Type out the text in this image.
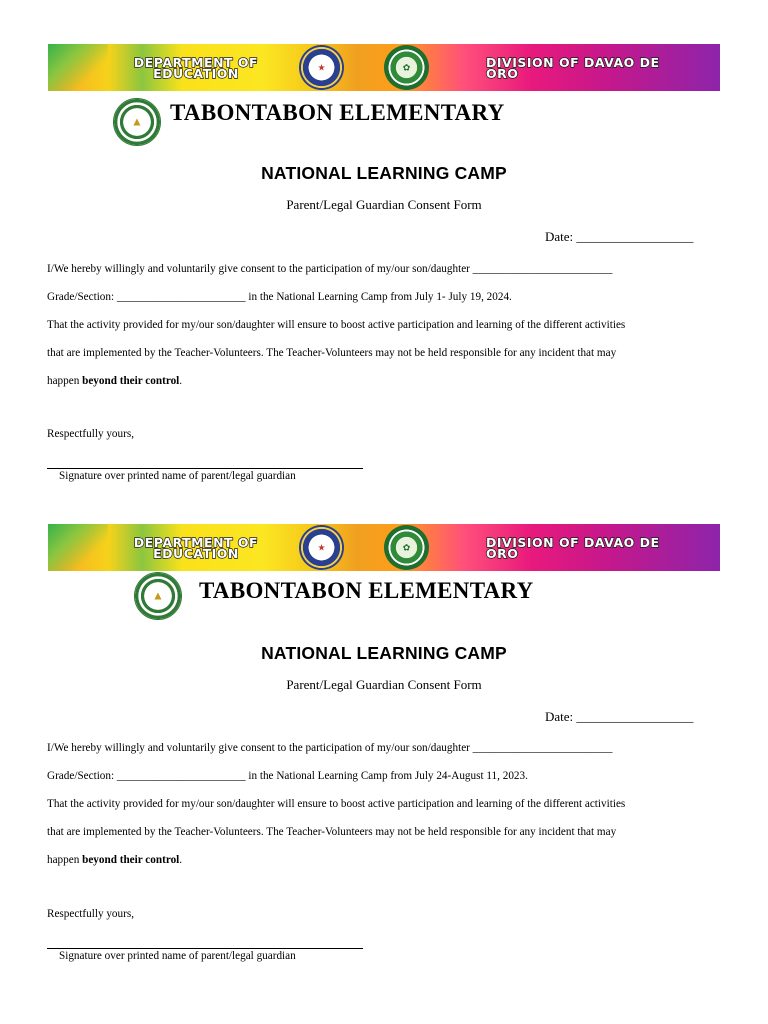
DEPARTMENT OF EDUCATION	★	✿	DIVISION OF DAVAO DE ORO
▲ TABONTABON ELEMENTARY
NATIONAL LEARNING CAMP
Parent/Legal Guardian Consent Form
Date: __________________
I/We hereby willingly and voluntarily give consent to the participation of my/our son/daughter _________________________
Grade/Section: _______________________ in the National Learning Camp from July 1- July 19, 2024.
That the activity provided for my/our son/daughter will ensure to boost active participation and learning of the different activities
that are implemented by the Teacher-Volunteers. The Teacher-Volunteers may not be held responsible for any incident that may
happen beyond their control.
Respectfully yours,
Signature over printed name of parent/legal guardian
DEPARTMENT OF EDUCATION	★	✿	DIVISION OF DAVAO DE ORO
▲ TABONTABON ELEMENTARY
NATIONAL LEARNING CAMP
Parent/Legal Guardian Consent Form
Date: __________________
I/We hereby willingly and voluntarily give consent to the participation of my/our son/daughter _________________________
Grade/Section: _______________________ in the National Learning Camp from July 24-August 11, 2023.
That the activity provided for my/our son/daughter will ensure to boost active participation and learning of the different activities
that are implemented by the Teacher-Volunteers. The Teacher-Volunteers may not be held responsible for any incident that may
happen beyond their control.
Respectfully yours,
Signature over printed name of parent/legal guardian
